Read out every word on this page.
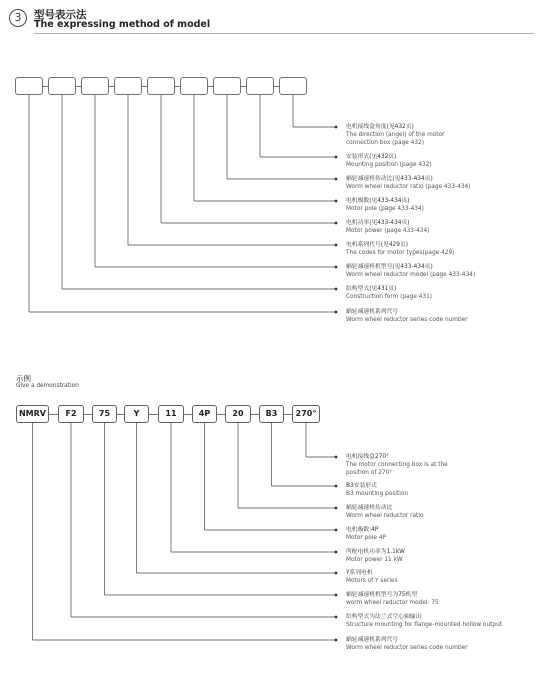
3	型号表示法
The expressing method of model
电机接线盒角度(见432页)
The direction (angel) of the motor
connection box (page 432)
安装形式(见432页)
Mounting position (page 432)
蜗轮减速机传动比(见433-434页)
Worm wheel reductor ratio (page 433-434)
电机极数(见433-434页)
Motor pole (page 433-434)
电机功率(见433-434页)
Motor power (page 433-434)
电机系列代号(见429页)
The codes for motor types(page 429)
蜗轮减速机机型号(见433-434页)
Worm wheel reductor model (page 433-434)
结构型式(见431页)
Construction form (page 431)
蜗轮减速机系列代号
Worm wheel reductor series code number
示例
Give a demonstration
NMRV	F2	75	Y	11	4P	20	B3	270°
电机接线盒270°
The motor connecting box is at the
position of 270°
B3安装形式
B3 mounting position
蜗轮减速机传动比
Worm wheel reductor ratio
电机极数:4P
Motor pole 4P
所配电机功率为1.1kW
Motor power 11 kW
Y系列电机
Motors of Y series
蜗轮减速机机型号为75机型
worm wheel reductor model: 75
结构型式为法兰式空心轴输出
Structure mounting for flange-mounted hollow output
蜗轮减速机系列代号
Worm wheel reductor series code number
